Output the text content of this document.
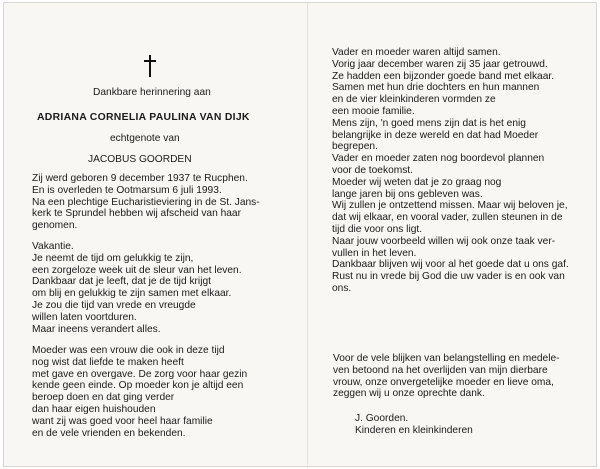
Dankbare herinnering aan
ADRIANA CORNELIA PAULINA VAN DIJK
echtgenote van
JACOBUS GOORDEN
Zij werd geboren 9 december 1937 te Rucphen.
En is overleden te Ootmarsum 6 juli 1993.
Na een plechtige Eucharistieviering in de St. Jans-
kerk te Sprundel hebben wij afscheid van haar
genomen.
Vakantie.
Je neemt de tijd om gelukkig te zijn,
een zorgeloze week uit de sleur van het leven.
Dankbaar dat je leeft, dat je de tijd krijgt
om blij en gelukkig te zijn samen met elkaar.
Je zou die tijd van vrede en vreugde
willen laten voortduren.
Maar ineens verandert alles.
Moeder was een vrouw die ook in deze tijd
nog wist dat liefde te maken heeft
met gave en overgave. De zorg voor haar gezin
kende geen einde. Op moeder kon je altijd een
beroep doen en dat ging verder
dan haar eigen huishouden
want zij was goed voor heel haar familie
en de vele vrienden en bekenden.
Vader en moeder waren altijd samen.
Vorig jaar december waren zij 35 jaar getrouwd.
Ze hadden een bijzonder goede band met elkaar.
Samen met hun drie dochters en hun mannen
en de vier kleinkinderen vormden ze
een mooie familie.
Mens zijn, 'n goed mens zijn dat is het enig
belangrijke in deze wereld en dat had Moeder
begrepen.
Vader en moeder zaten nog boordevol plannen
voor de toekomst.
Moeder wij weten dat je zo graag nog
lange jaren bij ons gebleven was.
Wij zullen je ontzettend missen. Maar wij beloven je,
dat wij elkaar, en vooral vader, zullen steunen in de
tijd die voor ons ligt.
Naar jouw voorbeeld willen wij ook onze taak ver-
vullen in het leven.
Dankbaar blijven wij voor al het goede dat u ons gaf.
Rust nu in vrede bij God die uw vader is en ook van
ons.
Voor de vele blijken van belangstelling en medele-
ven betoond na het overlijden van mijn dierbare
vrouw, onze onvergetelijke moeder en lieve oma,
zeggen wij u onze oprechte dank.
J. Goorden.
Kinderen en kleinkinderen
